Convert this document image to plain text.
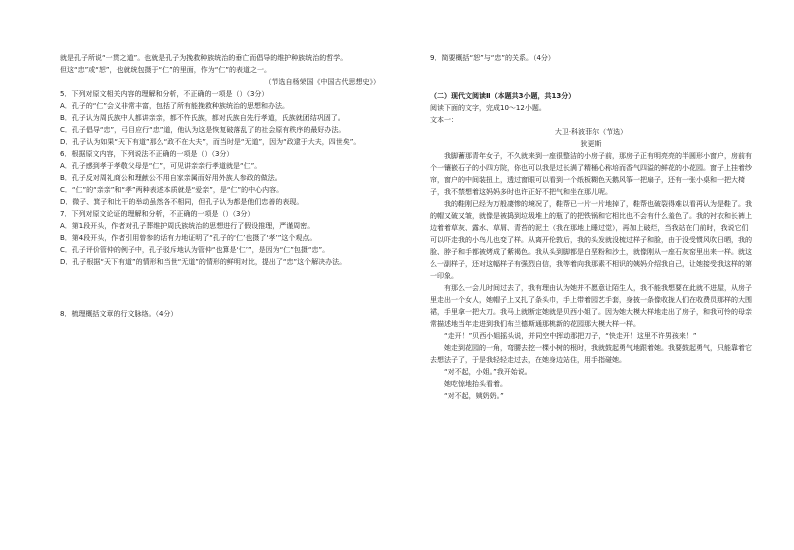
就是孔子所说“一贯之道”。也就是孔子为挽救种族统治的垂亡而倡导的维护种族统治的哲学。

但这“忠”或“恕”，也就统包摄于“仁”的里面，作为“仁”的表道之一。

（节选自杨荣国《中国古代思想史》）

5．下列对原文相关内容的理解和分析，不正确的一项是（）（3分）

A．孔子的“仁”会义非常丰富，包括了所有能挽救种族统治的思想和办法。

B．孔子认为周氏族中人都讲亲亲，都不忤氏族，都对氏族自先行孝道，氏族就团结巩固了。

C．孔子倡导“忠”，弓目应行“忠”道，他认为这是恢复破落乱了的社会原有秩序的最好办法。

D．孔子认为如果“天下有道”那么“政不在大夫”，而当时是“无道”，因为“政逮于大夫，四世矣”。

6．根据原文内容，下列说法不正确的一项是（）（3分）

A．孔子感到孝于孝敬父母是“仁”，可见讲亲亲行孝道就是“仁”。

B．孔子反对周礼商公和理献公不用自家亲属而好用外族人参政的做法。

C．“仁”的“亲亲”和“孝”两种表述本质就是“爱亲”，是“仁”的中心内容。

D．微子、箕子和比干的举动虽然各不相同，但孔子认为都是他们忠善的表现。

7．下列对原文论证的理解和分析，不正确的一项是（）（3分）

A．第1段开头，作者对孔子葬维护周氏族统治的思想进行了假设推理，严谨周密。

B．第4段开头，作者引用曾参的话有力地证明了“孔子的‘仁’也摄了‘孝’”这个观点。

C．孔子评价管仲的例子中，孔子驳斥地认为管仲“也算是‘仁’”，是因为“仁”包摄“忠”。

D．孔子根据“天下有道”的情形和当世“无道”的情形的鲜明对比，提出了“忠”这个解决办法。

8．梳理概括文章的行文脉络。（4分）

9．简要概括“恕”与“忠”的关系。（4分）

（二）现代文阅读Ⅱ（本题共3小题，共13分）

阅读下面的文字，完成10～12小题。

文本一：

大卫·科波菲尔（节选）

狄更斯

我脚蓄那青年女子，不久就来到一座很整洁的小房子前，那房子正有明亮亮的半圆形小窗户，房前有个一镶嵌石子的小四方院，你也可以我是过长满了精桶心称培而香气四溢的鲜花的小花园。窗子上挂着纱帘，窗户的中间装扭上，透过窗眼可以看到一个纸板糊色天鹅风筝一把扇子，还有一张小桌和一把大椅子，我不禁想着这妈妈多时也许正好不把气和坐在那儿呢。

我的鞋刚已经为万般凄惨的境况了，鞋帮已一片一片地掉了，鞋帮也破裂得难以看再认为是鞋了。我的帽又破又皱，就像是被捣到垃圾堆上的瓶了的把铁锅和它相比也不会有什么羞色了。我的衬衣和长裤上边着着草灰、露水、草屑、青苔的泥土（我在那地上睡过觉），再加上破烂，当我站在门前时，我说它们可以吓走我的小鸟儿也变了样。从离开伦敦后，我的头发就没梳过样子和脸，由于没受惯风吹日晒，我的脸、脖子和手都被烤成了紫褐色。我从头到脚都是白垩粉和沙土，就像刚从一座石灰窑里出来一样。就这么一副样子，还对这幅样子有强烈自信，我等着向我那素不相识的姨妈介绍我自己，让她接受我这样的第一印象。

有那么一会儿时间过去了，我有理由认为她并不愿意让陌生人，我不能我想要在此就不进屋，从房子里走出一个女人，她帽子上又扎了条头巾，手上带着园艺手套，身披一条像收拢人们在收费员那样的大围裙，手里拿一把大刀。我马上就断定她就是贝西小姐了。因为她大模大样地走出了房子，和我可怜的母亲常描述地当年走进到我们布兰德斯通那桃新的花园那大模大样一样。

“走开！”贝西小姐摇头说，并同空中挥动那把刀子，“快走开！这里不许男孩来！”

她走到花园的一角，弯腰去挖一棵小树的根时，我就鼓起勇气地跟着她。我要鼓起勇气，只能靠着它去想法子了，于是我轻轻走过去，在她身边站住，用手指碰她。

“对不起，小姐。”我开始说。

她吃惊地抬头看着。

“对不起，姨奶奶。”
